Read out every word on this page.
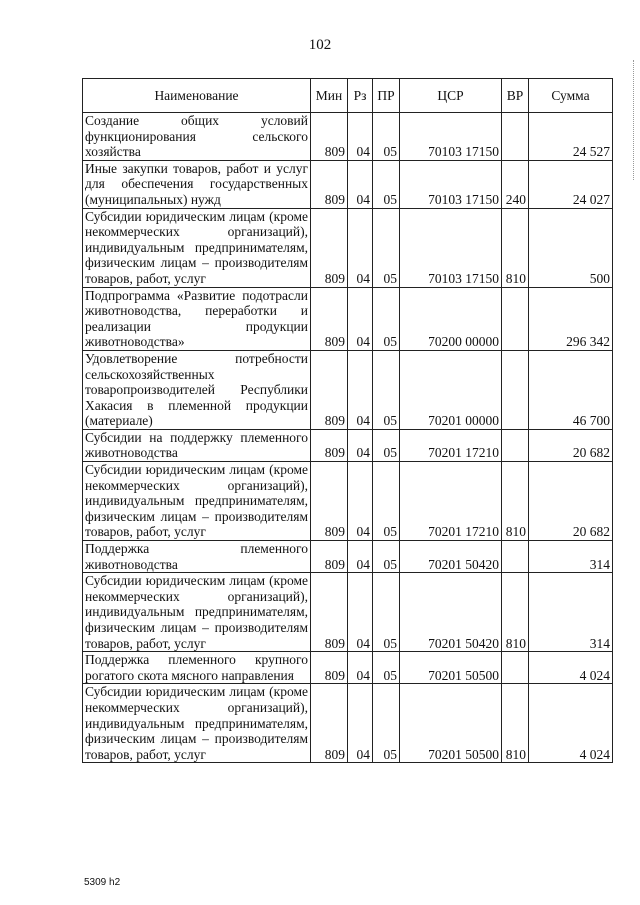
102
Наименование	Мин	Рз	ПР	ЦСР	ВР	Сумма
Создание общих условий функционирования сельского хозяйства	809	04	05	70103 17150		24 527
Иные закупки товаров, работ и услуг для обеспечения государственных (муниципальных) нужд	809	04	05	70103 17150	240	24 027
Субсидии юридическим лицам (кроме некоммерческих организаций), индивидуальным предпринимателям, физическим лицам – производителям товаров, работ, услуг	809	04	05	70103 17150	810	500
Подпрограмма «Развитие подотрасли животноводства, переработки и реализации продукции животноводства»	809	04	05	70200 00000		296 342
Удовлетворение потребности сельскохозяйственных товаропроизводителей Республики Хакасия в племенной продукции (материале)	809	04	05	70201 00000		46 700
Субсидии на поддержку племенного животноводства	809	04	05	70201 17210		20 682
Субсидии юридическим лицам (кроме некоммерческих организаций), индивидуальным предпринимателям, физическим лицам – производителям товаров, работ, услуг	809	04	05	70201 17210	810	20 682
Поддержка племенного животноводства	809	04	05	70201 50420		314
Субсидии юридическим лицам (кроме некоммерческих организаций), индивидуальным предпринимателям, физическим лицам – производителям товаров, работ, услуг	809	04	05	70201 50420	810	314
Поддержка племенного крупного рогатого скота мясного направления	809	04	05	70201 50500		4 024
Субсидии юридическим лицам (кроме некоммерческих организаций), индивидуальным предпринимателям, физическим лицам – производителям товаров, работ, услуг	809	04	05	70201 50500	810	4 024
5309 h2
